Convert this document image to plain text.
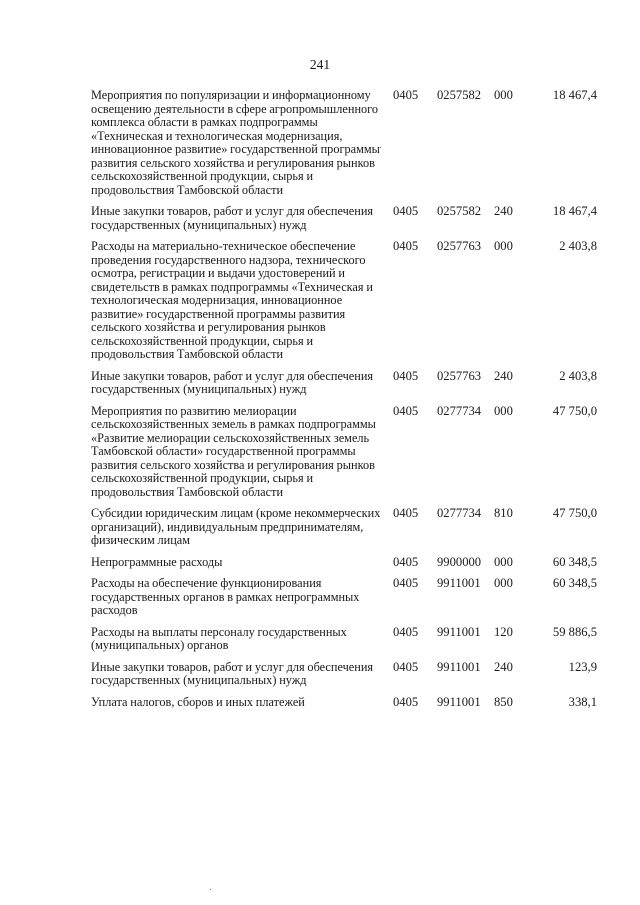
241
Мероприятия по популяризации и информационному освещению деятельности в сфере агропромышленного комплекса области в рамках подпрограммы «Техническая и технологическая модернизация, инновационное развитие» государственной программы развития сельского хозяйства и регулирования рынков сельскохозяйственной продукции, сырья и продовольствия Тамбовской области
0405 0257582 000	18 467,4
Иные закупки товаров, работ и услуг для обеспечения государственных (муниципальных) нужд
0405 0257582 240	18 467,4
Расходы на материально-техническое обеспечение проведения государственного надзора, технического осмотра, регистрации и выдачи удостоверений и свидетельств в рамках подпрограммы «Техническая и технологическая модернизация, инновационное развитие» государственной программы развития сельского хозяйства и регулирования рынков сельскохозяйственной продукции, сырья и продовольствия Тамбовской области
0405 0257763 000	2 403,8
Иные закупки товаров, работ и услуг для обеспечения государственных (муниципальных) нужд
0405 0257763 240	2 403,8
Мероприятия по развитию мелиорации сельскохозяйственных земель в рамках подпрограммы «Развитие мелиорации сельскохозяйственных земель Тамбовской области» государственной программы развития сельского хозяйства и регулирования рынков сельскохозяйственной продукции, сырья и продовольствия Тамбовской области
0405 0277734 000	47 750,0
Субсидии юридическим лицам (кроме некоммерческих организаций), индивидуальным предпринимателям, физическим лицам
0405 0277734 810	47 750,0
Непрограммные расходы	0405 9900000 000	60 348,5
Расходы на обеспечение функционирования государственных органов в рамках непрограммных расходов
0405 9911001 000	60 348,5
Расходы на выплаты персоналу государственных (муниципальных) органов
0405 9911001 120	59 886,5
Иные закупки товаров, работ и услуг для обеспечения государственных (муниципальных) нужд
0405 9911001 240	123,9
Уплата налогов, сборов и иных платежей	0405 9911001 850	338,1
